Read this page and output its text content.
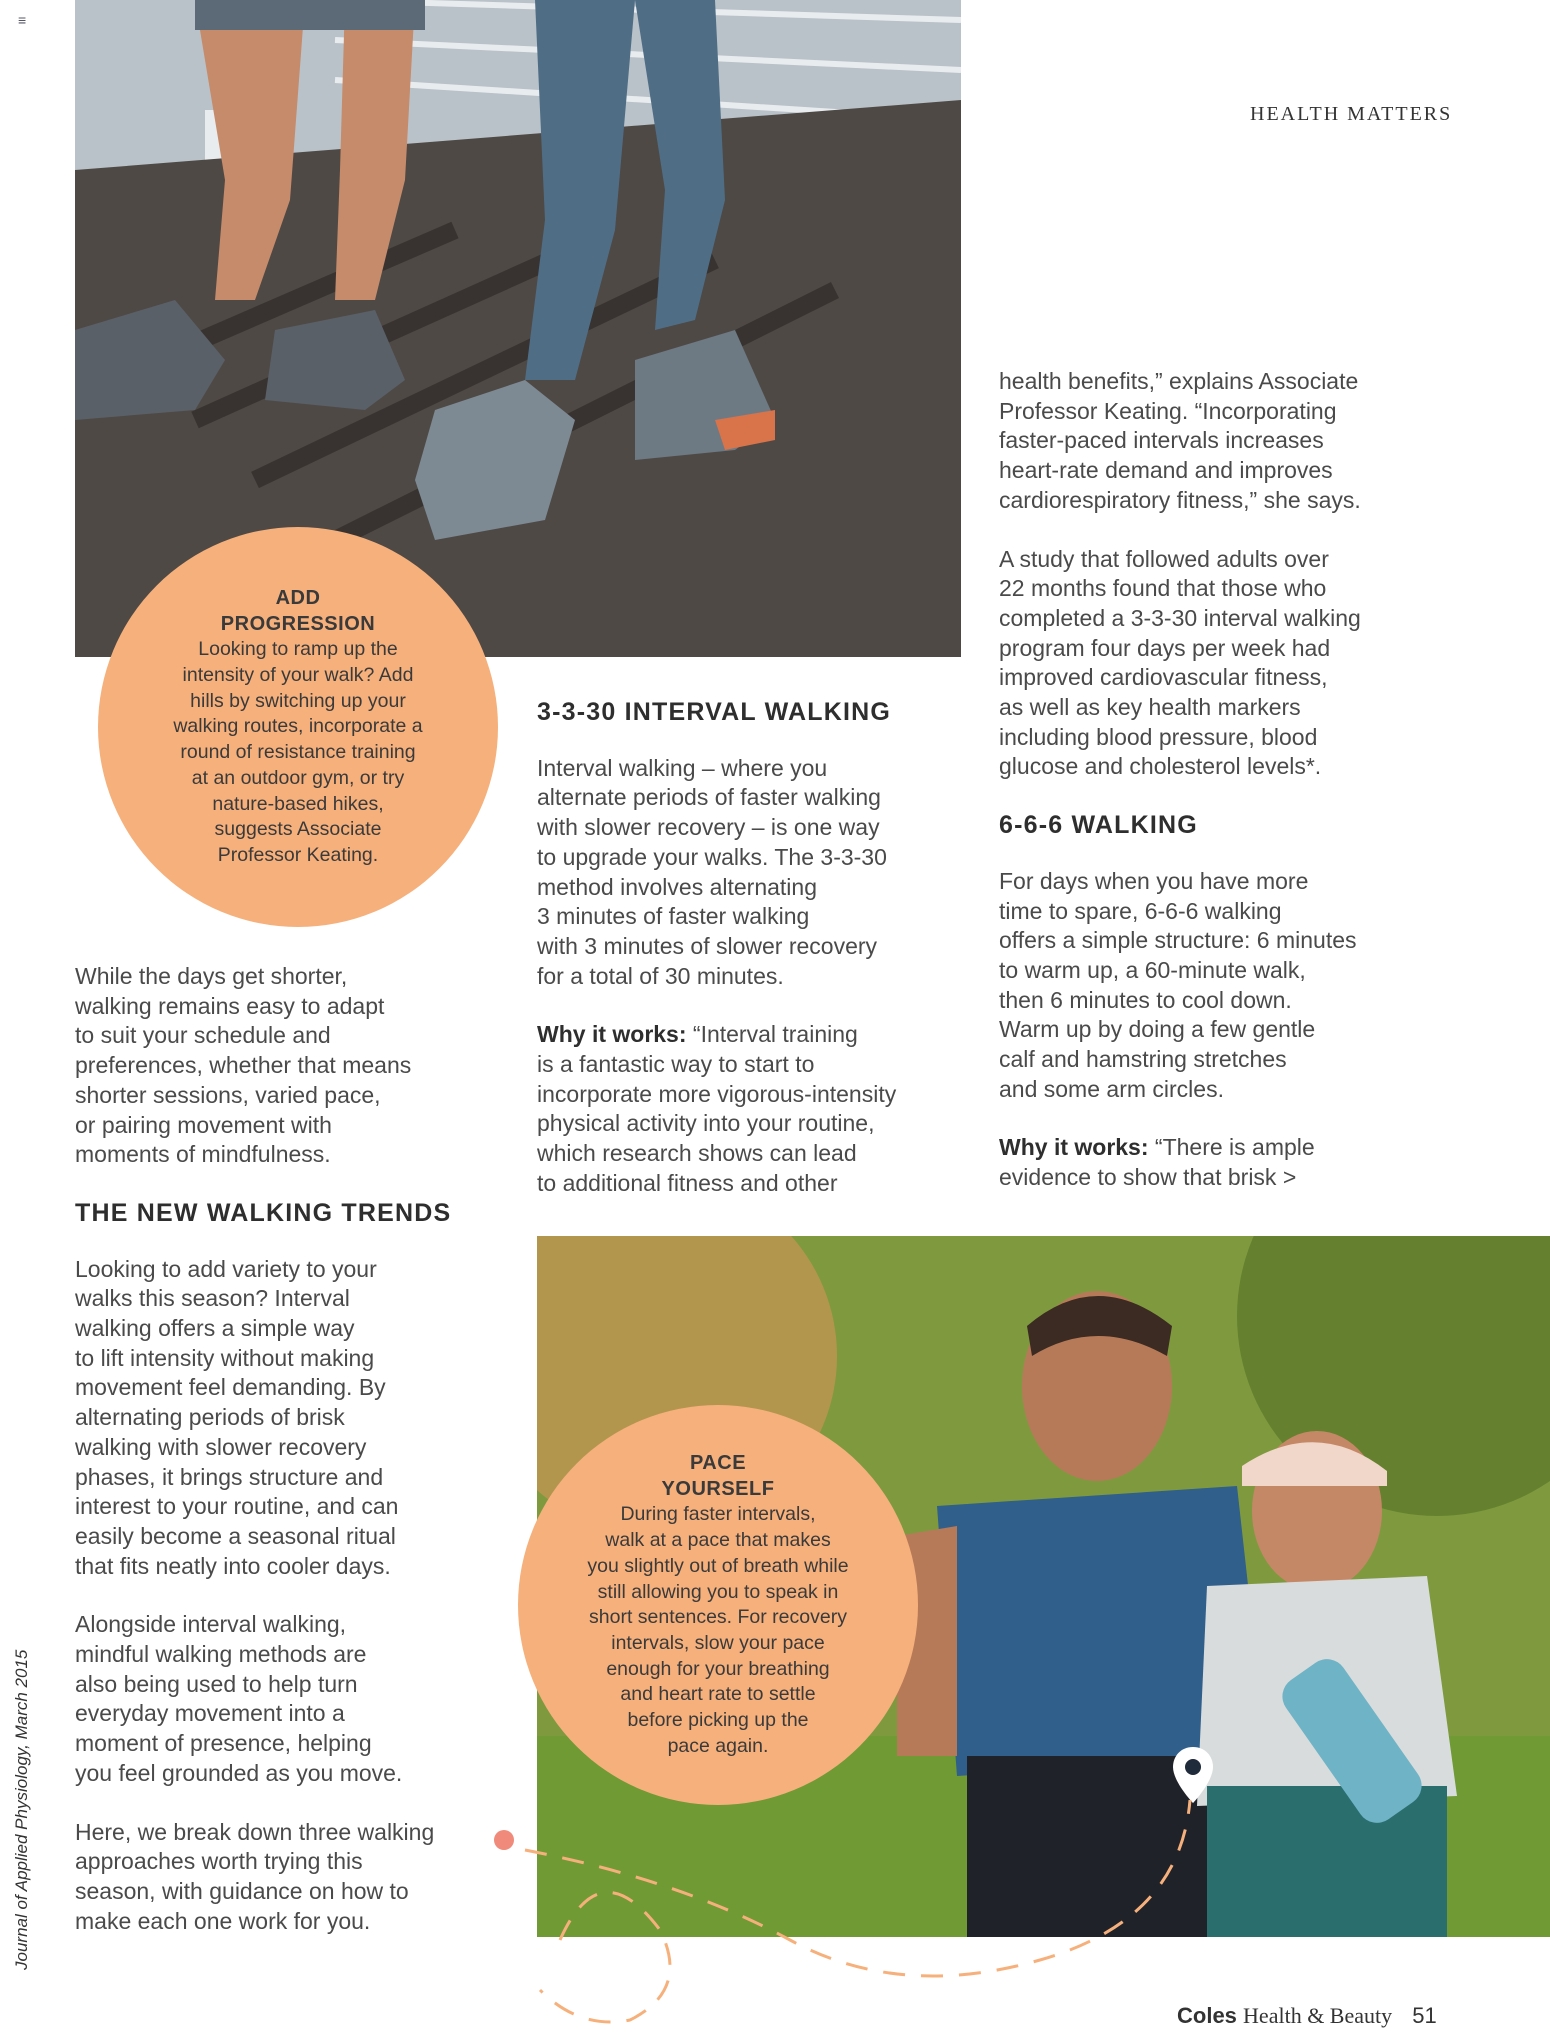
≡
HEALTH MATTERS
ADD
PROGRESSION
Looking to ramp up the
intensity of your walk? Add
hills by switching up your
walking routes, incorporate a
round of resistance training
at an outdoor gym, or try
nature-based hikes,
suggests Associate
Professor Keating.
PACE
YOURSELF
During faster intervals,
walk at a pace that makes
you slightly out of breath while
still allowing you to speak in
short sentences. For recovery
intervals, slow your pace
enough for your breathing
and heart rate to settle
before picking up the
pace again.

While the days get shorter,
walking remains easy to adapt
to suit your schedule and
preferences, whether that means
shorter sessions, varied pace,
or pairing movement with
moments of mindfulness.

THE NEW WALKING TRENDS

Looking to add variety to your
walks this season? Interval
walking offers a simple way
to lift intensity without making
movement feel demanding. By
alternating periods of brisk
walking with slower recovery
phases, it brings structure and
interest to your routine, and can
easily become a seasonal ritual
that fits neatly into cooler days.

Alongside interval walking,
mindful walking methods are
also being used to help turn
everyday movement into a
moment of presence, helping
you feel grounded as you move.

Here, we break down three walking
approaches worth trying this
season, with guidance on how to
make each one work for you.

3-3-30 INTERVAL WALKING

Interval walking – where you
alternate periods of faster walking
with slower recovery – is one way
to upgrade your walks. The 3-3-30
method involves alternating
3 minutes of faster walking
with 3 minutes of slower recovery
for a total of 30 minutes.

Why it works: “Interval training
is a fantastic way to start to
incorporate more vigorous-intensity
physical activity into your routine,
which research shows can lead
to additional fitness and other

health benefits,” explains Associate
Professor Keating. “Incorporating
faster-paced intervals increases
heart-rate demand and improves
cardiorespiratory fitness,” she says.

A study that followed adults over
22 months found that those who
completed a 3-3-30 interval walking
program four days per week had
improved cardiovascular fitness,
as well as key health markers
including blood pressure, blood
glucose and cholesterol levels*.

6-6-6 WALKING

For days when you have more
time to spare, 6-6-6 walking
offers a simple structure: 6 minutes
to warm up, a 60-minute walk,
then 6 minutes to cool down.
Warm up by doing a few gentle
calf and hamstring stretches
and some arm circles.

Why it works: “There is ample
evidence to show that brisk >

Journal of Applied Physiology, March 2015
Coles Health & Beauty 51
